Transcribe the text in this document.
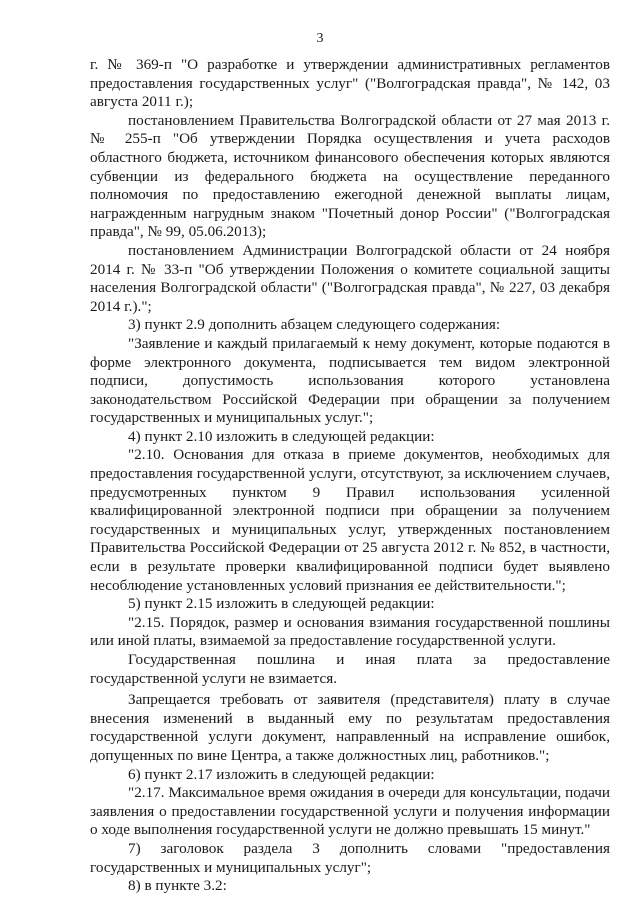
3

г. № 369-п "О разработке и утверждении административных регламентов предоставления государственных услуг" ("Волгоградская правда", № 142, 03 августа 2011 г.);

постановлением Правительства Волгоградской области от 27 мая 2013 г. № 255-п "Об утверждении Порядка осуществления и учета расходов областного бюджета, источником финансового обеспечения которых являются субвенции из федерального бюджета на осуществление переданного полномочия по предоставлению ежегодной денежной выплаты лицам, награжденным нагрудным знаком "Почетный донор России" ("Волгоградская правда", № 99, 05.06.2013);

постановлением Администрации Волгоградской области от 24 ноября 2014 г. № 33-п "Об утверждении Положения о комитете социальной защиты населения Волгоградской области" ("Волгоградская правда", № 227, 03 декабря 2014 г.).";

3) пункт 2.9 дополнить абзацем следующего содержания:

"Заявление и каждый прилагаемый к нему документ, которые подаются в форме электронного документа, подписывается тем видом электронной подписи, допустимость использования которого установлена законодательством Российской Федерации при обращении за получением государственных и муниципальных услуг.";

4) пункт 2.10 изложить в следующей редакции:

"2.10. Основания для отказа в приеме документов, необходимых для предоставления государственной услуги, отсутствуют, за исключением случаев, предусмотренных пунктом 9 Правил использования усиленной квалифицированной электронной подписи при обращении за получением государственных и муниципальных услуг, утвержденных постановлением Правительства Российской Федерации от 25 августа 2012 г. № 852, в частности, если в результате проверки квалифицированной подписи будет выявлено несоблюдение установленных условий признания ее действительности.";

5) пункт 2.15 изложить в следующей редакции:

"2.15. Порядок, размер и основания взимания государственной пошлины или иной платы, взимаемой за предоставление государственной услуги.

Государственная пошлина и иная плата за предоставление государственной услуги не взимается.

Запрещается требовать от заявителя (представителя) плату в случае внесения изменений в выданный ему по результатам предоставления государственной услуги документ, направленный на исправление ошибок, допущенных по вине Центра, а также должностных лиц, работников.";

6) пункт 2.17 изложить в следующей редакции:

"2.17. Максимальное время ожидания в очереди для консультации, подачи заявления о предоставлении государственной услуги и получения информации о ходе выполнения государственной услуги не должно превышать 15 минут."

7) заголовок раздела 3 дополнить словами "предоставления государственных и муниципальных услуг";

8) в пункте 3.2:
